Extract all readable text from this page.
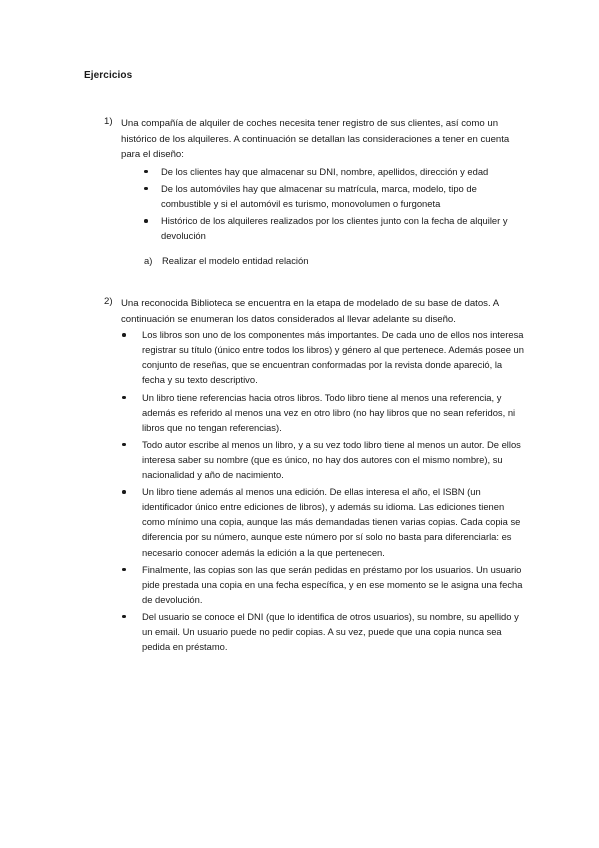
Ejercicios
1) Una compañía de alquiler de coches necesita tener registro de sus clientes, así como un histórico de los alquileres. A continuación se detallan las consideraciones a tener en cuenta para el diseño:
De los clientes hay que almacenar su DNI, nombre, apellidos, dirección y edad
De los automóviles hay que almacenar su matrícula, marca, modelo, tipo de combustible y si el automóvil es turismo, monovolumen o furgoneta
Histórico de los alquileres realizados por los clientes junto con la fecha de alquiler y devolución
a) Realizar el modelo entidad relación
2) Una reconocida Biblioteca se encuentra en la etapa de modelado de su base de datos. A continuación se enumeran los datos considerados al llevar adelante su diseño.
Los libros son uno de los componentes más importantes. De cada uno de ellos nos interesa registrar su título (único entre todos los libros) y género al que pertenece. Además posee un conjunto de reseñas, que se encuentran conformadas por la revista donde apareció, la fecha y su texto descriptivo.
Un libro tiene referencias hacia otros libros. Todo libro tiene al menos una referencia, y además es referido al menos una vez en otro libro (no hay libros que no sean referidos, ni libros que no tengan referencias).
Todo autor escribe al menos un libro, y a su vez todo libro tiene al menos un autor. De ellos interesa saber su nombre (que es único, no hay dos autores con el mismo nombre), su nacionalidad y año de nacimiento.
Un libro tiene además al menos una edición. De ellas interesa el año, el ISBN (un identificador único entre ediciones de libros), y además su idioma. Las ediciones tienen como mínimo una copia, aunque las más demandadas tienen varias copias. Cada copia se diferencia por su número, aunque este número por sí solo no basta para diferenciarla: es necesario conocer además la edición a la que pertenecen.
Finalmente, las copias son las que serán pedidas en préstamo por los usuarios. Un usuario pide prestada una copia en una fecha específica, y en ese momento se le asigna una fecha de devolución.
Del usuario se conoce el DNI (que lo identifica de otros usuarios), su nombre, su apellido y un email. Un usuario puede no pedir copias. A su vez, puede que una copia nunca sea pedida en préstamo.
